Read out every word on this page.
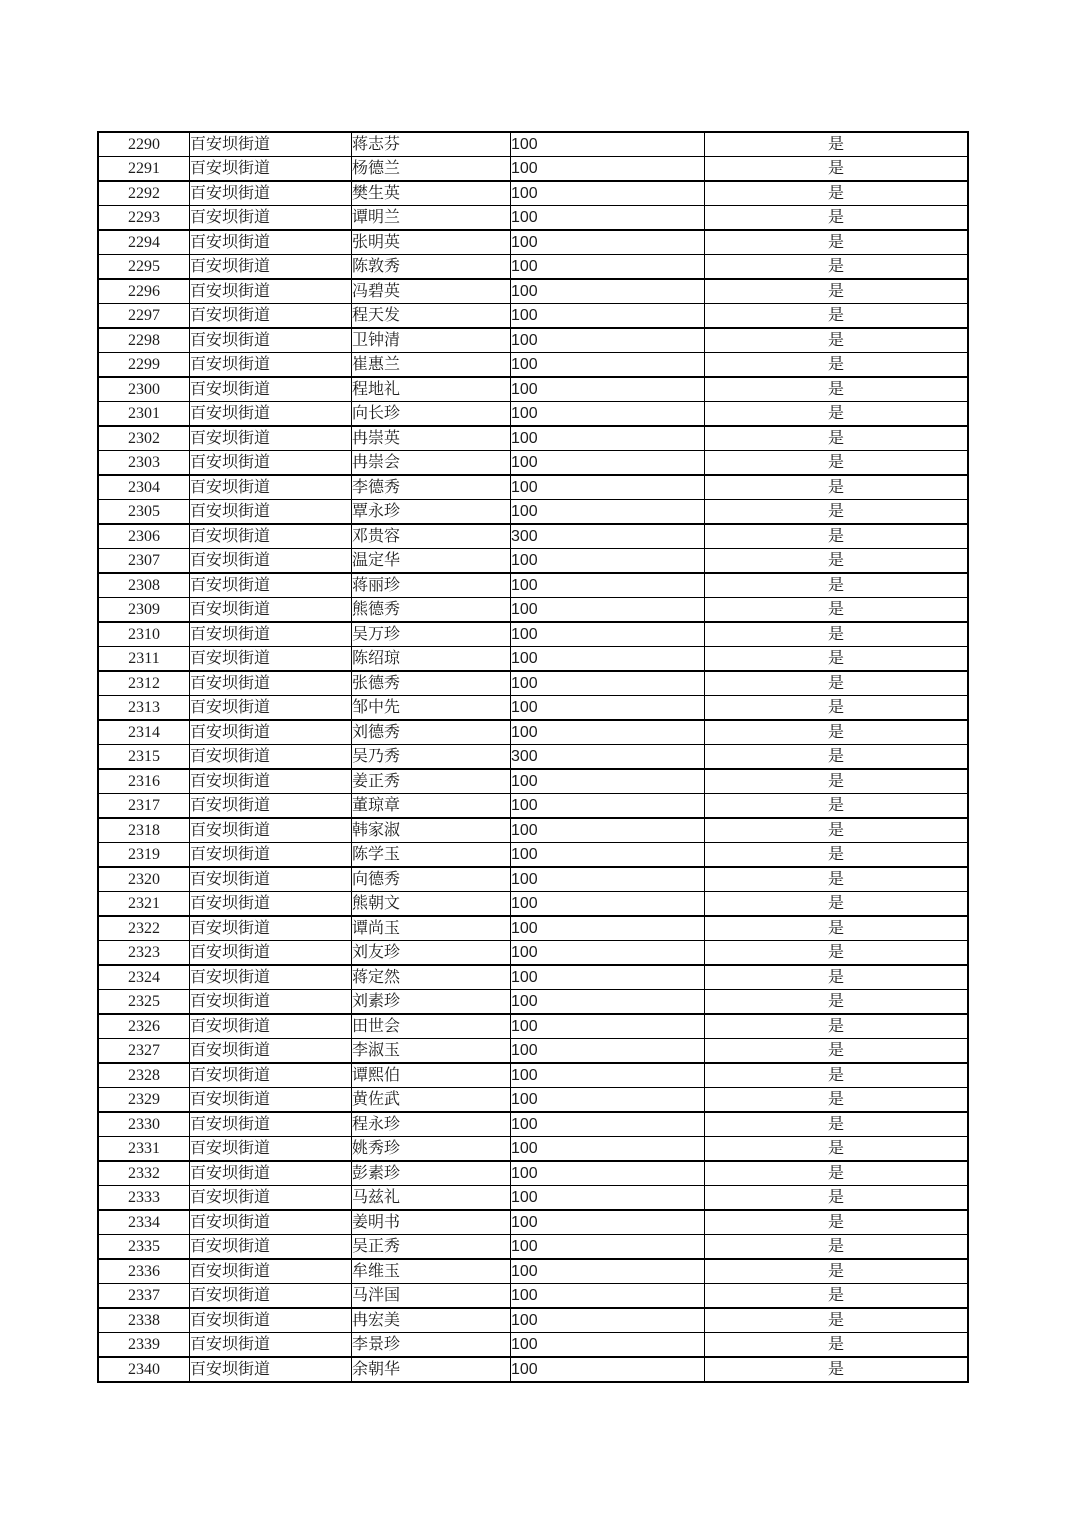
2290	百安坝街道	蒋志芬	100	是
2291	百安坝街道	杨德兰	100	是
2292	百安坝街道	樊生英	100	是
2293	百安坝街道	谭明兰	100	是
2294	百安坝街道	张明英	100	是
2295	百安坝街道	陈敦秀	100	是
2296	百安坝街道	冯碧英	100	是
2297	百安坝街道	程天发	100	是
2298	百安坝街道	卫钟清	100	是
2299	百安坝街道	崔惠兰	100	是
2300	百安坝街道	程地礼	100	是
2301	百安坝街道	向长珍	100	是
2302	百安坝街道	冉崇英	100	是
2303	百安坝街道	冉崇会	100	是
2304	百安坝街道	李德秀	100	是
2305	百安坝街道	覃永珍	100	是
2306	百安坝街道	邓贵容	300	是
2307	百安坝街道	温定华	100	是
2308	百安坝街道	蒋丽珍	100	是
2309	百安坝街道	熊德秀	100	是
2310	百安坝街道	吴万珍	100	是
2311	百安坝街道	陈绍琼	100	是
2312	百安坝街道	张德秀	100	是
2313	百安坝街道	邹中先	100	是
2314	百安坝街道	刘德秀	100	是
2315	百安坝街道	吴乃秀	300	是
2316	百安坝街道	姜正秀	100	是
2317	百安坝街道	董琼章	100	是
2318	百安坝街道	韩家淑	100	是
2319	百安坝街道	陈学玉	100	是
2320	百安坝街道	向德秀	100	是
2321	百安坝街道	熊朝文	100	是
2322	百安坝街道	谭尚玉	100	是
2323	百安坝街道	刘友珍	100	是
2324	百安坝街道	蒋定然	100	是
2325	百安坝街道	刘素珍	100	是
2326	百安坝街道	田世会	100	是
2327	百安坝街道	李淑玉	100	是
2328	百安坝街道	谭熙伯	100	是
2329	百安坝街道	黄佐武	100	是
2330	百安坝街道	程永珍	100	是
2331	百安坝街道	姚秀珍	100	是
2332	百安坝街道	彭素珍	100	是
2333	百安坝街道	马兹礼	100	是
2334	百安坝街道	姜明书	100	是
2335	百安坝街道	吴正秀	100	是
2336	百安坝街道	牟维玉	100	是
2337	百安坝街道	马泮国	100	是
2338	百安坝街道	冉宏美	100	是
2339	百安坝街道	李景珍	100	是
2340	百安坝街道	余朝华	100	是
